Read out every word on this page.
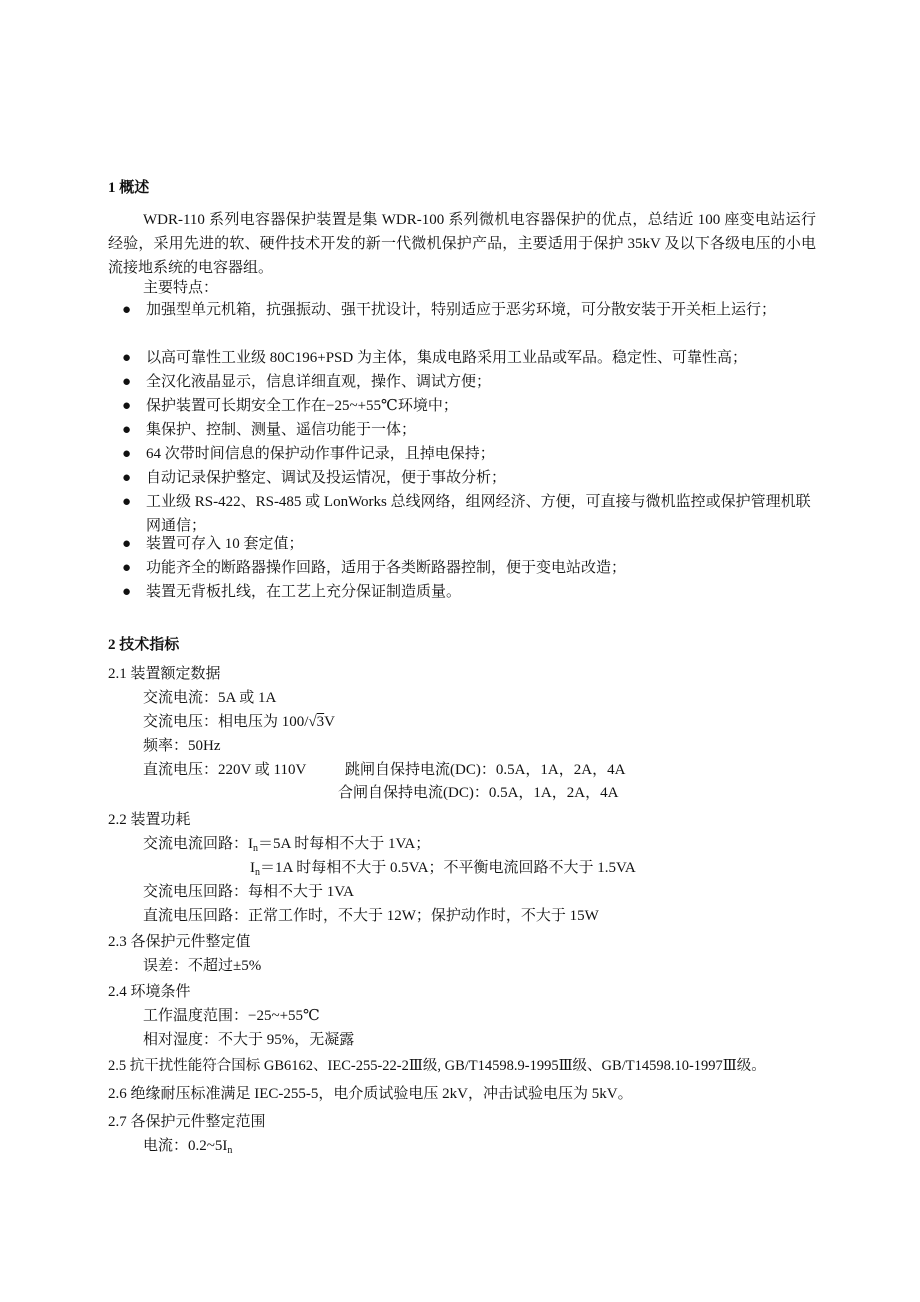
1 概述
WDR-110 系列电容器保护装置是集 WDR-100 系列微机电容器保护的优点，总结近 100 座变电站运行经验，采用先进的软、硬件技术开发的新一代微机保护产品，主要适用于保护 35kV 及以下各级电压的小电流接地系统的电容器组。
主要特点：
● 加强型单元机箱，抗强振动、强干扰设计，特别适应于恶劣环境，可分散安装于开关柜上运行；
● 以高可靠性工业级 80C196+PSD 为主体，集成电路采用工业品或军品。稳定性、可靠性高；
● 全汉化液晶显示，信息详细直观，操作、调试方便；
● 保护装置可长期安全工作在−25~+55℃环境中；
● 集保护、控制、测量、遥信功能于一体；
● 64 次带时间信息的保护动作事件记录，且掉电保持；
● 自动记录保护整定、调试及投运情况，便于事故分析；
● 工业级 RS-422、RS-485 或 LonWorks 总线网络，组网经济、方便，可直接与微机监控或保护管理机联网通信；
● 装置可存入 10 套定值；
● 功能齐全的断路器操作回路，适用于各类断路器控制，便于变电站改造；
● 装置无背板扎线，在工艺上充分保证制造质量。
2 技术指标
2.1 装置额定数据
交流电流：5A 或 1A
交流电压：相电压为 100/√3V
频率：50Hz
直流电压：220V 或 110V	跳闸自保持电流(DC)：0.5A，1A，2A，4A
合闸自保持电流(DC)：0.5A，1A，2A，4A
2.2 装置功耗
交流电流回路：$I_n=5A$ 时每相不大于 1VA；
$I_n=1A$ 时每相不大于 0.5VA；不平衡电流回路不大于 1.5VA
交流电压回路：每相不大于 1VA
直流电压回路：正常工作时，不大于 12W；保护动作时，不大于 15W
2.3 各保护元件整定值
误差：不超过±5%
2.4 环境条件
工作温度范围：−25~+55℃
相对湿度：不大于 95%，无凝露
2.5 抗干扰性能符合国标 GB6162、IEC-255-22-2Ⅲ级, GB/T14598.9-1995Ⅲ级、GB/T14598.10-1997Ⅲ级。
2.6 绝缘耐压标准满足 IEC-255-5，电介质试验电压 2kV，冲击试验电压为 5kV。
2.7 各保护元件整定范围
电流：$0.2\sim 5I_n$
